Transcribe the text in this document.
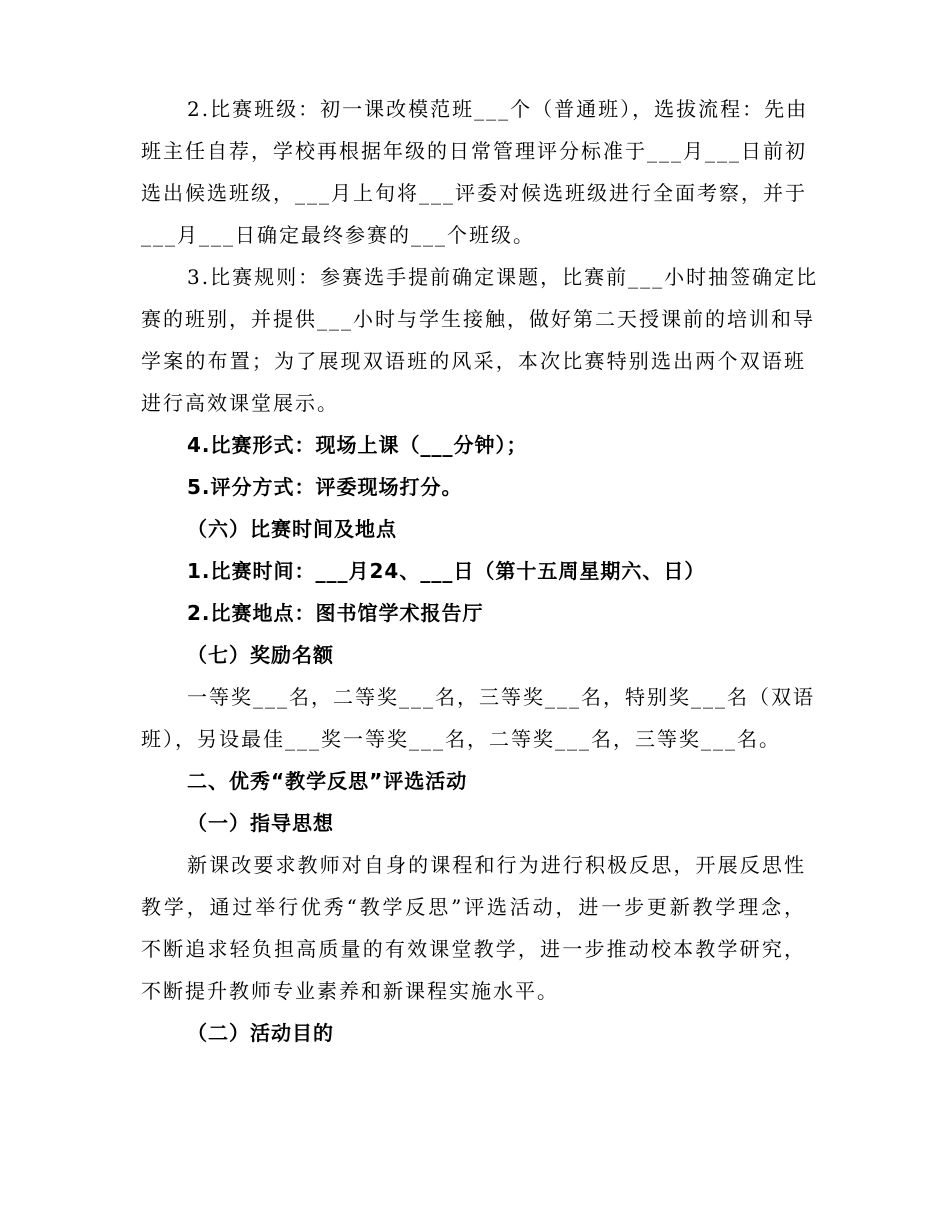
2.比赛班级：初一课改模范班___个（普通班），选拔流程：先由
班主任自荐，学校再根据年级的日常管理评分标准于___月___日前初
选出候选班级，___月上旬将___评委对候选班级进行全面考察，并于
___月___日确定最终参赛的___个班级。
3.比赛规则：参赛选手提前确定课题，比赛前___小时抽签确定比
赛的班别，并提供___小时与学生接触，做好第二天授课前的培训和导
学案的布置；为了展现双语班的风采，本次比赛特别选出两个双语班
进行高效课堂展示。
4.比赛形式：现场上课（___分钟）；
5.评分方式：评委现场打分。
（六）比赛时间及地点
1.比赛时间：___月24、___日（第十五周星期六、日）
2.比赛地点：图书馆学术报告厅
（七）奖励名额
一等奖___名，二等奖___名，三等奖___名，特别奖___名（双语
班），另设最佳___奖一等奖___名，二等奖___名，三等奖___名。
二、优秀“教学反思”评选活动
（一）指导思想
新课改要求教师对自身的课程和行为进行积极反思，开展反思性
教学，通过举行优秀“教学反思”评选活动，进一步更新教学理念，
不断追求轻负担高质量的有效课堂教学，进一步推动校本教学研究，
不断提升教师专业素养和新课程实施水平。
（二）活动目的
